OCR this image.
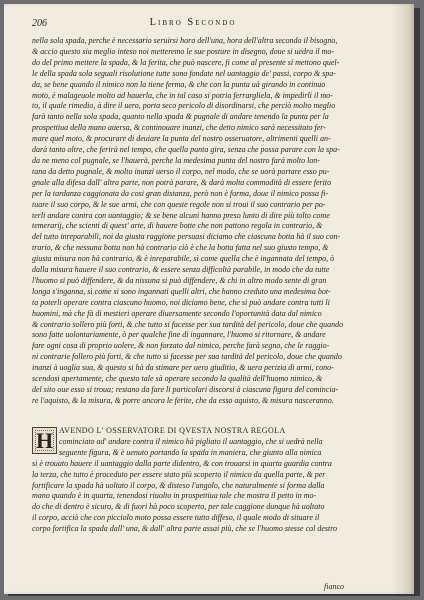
206	Libro Secondo
nella sola spada, perche è necessario seruirsi hora dell'una, hora dell'altra secondo il bisogno,
& accio questo sia meglio inteso noi metteremo le sue posture in disegno, doue si uedra il mo-
do del primo mettere la spada, & la ferita, che può nascere, fi come al presente si mettono quel-
le della spada sola seguali risolutione tutte sono fondate nel uantaggio de' passi, corpo & spa-
da, se bene quando il nimico non la tiene ferma, & che con la punta uà girando in continuo
moto, è malageuole molto ad hauerla, che in tal caso si potria ferrargliela, & impedirli il mo-
to, il quale rimedio, à dire il uero, porta seco pericolo di disordinarsi, che perciò molto meglio
farà tanto nella sola spada, quanto nella spada & pugnale di andare tenendo la punta per la
prospettiua della mano auersa, & continouare inanzi, che detto nimico sarà necessitato fer-
mare quel moto, & procurare di deuiare la punta del nostro osseruatore, altrimenti quelli an-
darà tanto oltre, che ferirà nel tempo, che quella punta gira, senza che possa parare con la spa-
da ne meno col pugnale, se l'hauerà, perche la medesima punta del nostro farà molto lon-
tana da detto pugnale, & molto inanzi uerso il corpo, nel modo, che se uorà portare esso pu-
gnale alla difesa dall' altra parte, non potrà parare, & darà molta commodità di essere ferito
per la tardanza caggionata da cosi gran distanza, però non è forma, doue il nimico possa fi-
tuare il suo corpo, & le sue armi, che con queste regole non si troui il suo contrario per po-
terli andare contra con uantaggio; & se bene alcuni hanno preso lunto di dire più tolto come
temerarij, che scienti di quest' arte, di hauere botte che non pattono regola in contrario, &
del tutto inreparabili, noi da giusta raggione persuasi diciamo che ciascuna botta hà il suo con-
trario, & che nessuna botta non hà contrario ciò è che la botta fatta nel suo giusto tempo, &
giusta misura non hà contrario, & è inreparabile, sì come quella che è ingannata del tempo, ò
dalla misura hauere il suo contrario, & essere senza difficoltà parabile, in modo che da tutte
l'huomo si può diffendere, & da nissuna si può diffendere, & chi in altro modo sente di gran
longa s'inganna, sì come si sono ingannati quelli altri, che hanno creduto una medesima bot-
ta poterli operare contra ciascuno huomo, noi diciamo bene, che si può andare contra tutti li
huomini, mà che fà di mestieri operare diuersamente secondo l'oportunità data dal nimico
& contrario sollero più forti, & che tutto si facesse per sua tardità del pericolo, doue che quando
sono fatte uolontariamente, ò per qualche fine di ingannare, l'huomo si ritornare, & andare
fare ogni cosa di proprio uolere, & non forzato dal nimico, perche farà segno, che le raggio-
ni contrarie follero più forti, & che tutto si facesse per sua tardità del pericolo, doue che quando
inanzi à uoglia sua, & questo si hà da stimare per uero giuditio, & uera perizia di armi, cono-
scendosi apertamente, che questo tale sà operare secondo la qualità dell'huomo nimico, &
del sito oue esso si troua; restano da fare li particolari discorsi à ciascuna figura del comincia-
re l'aquisto, & la misura, & porre ancora le ferite, che da esso aquisto, & misura nasceranno.
H AVENDO L' OSSERVATORE DI QVESTA NOSTRA REGOLA
cominciato ad' andare contra il nimico hà pigliato il uantaggio, che si uedrà nella
seguente figura, & è uenuto portando la spada in maniera, che giunto alla nimica
si è trouato hauere il uantaggio dalla parte didentro, & con trouarsi in quarta guardia contra
la terza, che tutto è proceduto per essere stato più scoperto il nimico da quella parte, & per
fortificare la spada hà uoltato il corpo, & disteso l'angolo, che naturalmente si forma dalla
mano quando è in quarta, tenendosi riuolto in prospettiua tale che mostra il petto in mo-
do che di dentro è sicuro, & di fuori hà poco scoperto, per tale caggione dunque hà uoltato
il corpo, acciò che con picciolo moto possa essere tutto diffeso, il quale modo di situare il
corpo fortifica la spada dall' una, & dall' altra parte assai più, che se l'huomo stesse col destro
fianco
